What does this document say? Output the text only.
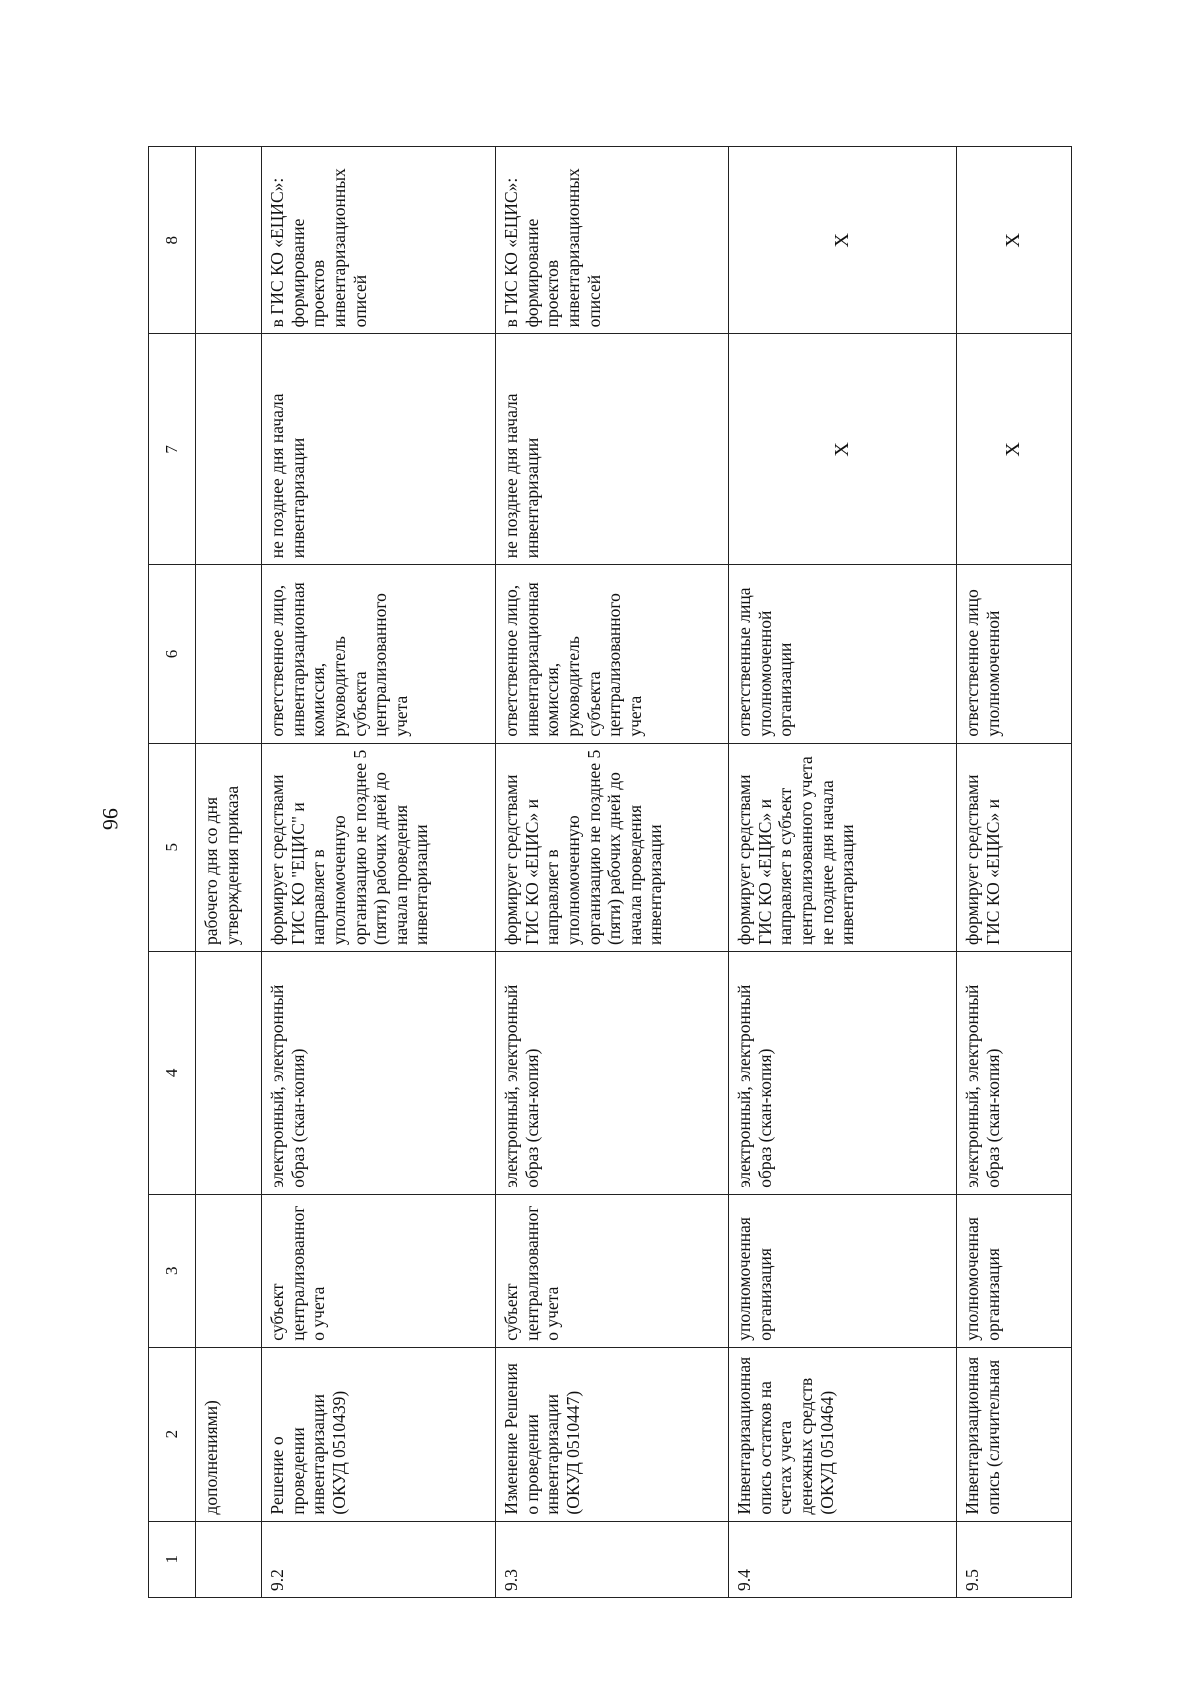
96
1	2	3	4	5	6	7	8
	дополнениями)			рабочего дня со дня утверждения приказа			
9.2	Решение о проведении инвентаризации (ОКУД 0510439)	субъект централизованного учета	электронный, электронный образ (скан-копия)	формирует средствами ГИС КО "ЕЦИС" и направляет в уполномоченную организацию не позднее 5 (пяти) рабочих дней до начала проведения инвентаризации	ответственное лицо, инвентаризационная комиссия, руководитель субъекта централизованного учета	не позднее дня начала инвентаризации	в ГИС КО «ЕЦИС»: формирование проектов инвентаризационных описей
9.3	Изменение Решения о проведении инвентаризации (ОКУД 0510447)	субъект централизованного учета	электронный, электронный образ (скан-копия)	формирует средствами ГИС КО «ЕЦИС» и направляет в уполномоченную организацию не позднее 5 (пяти) рабочих дней до начала проведения инвентаризации	ответственное лицо, инвентаризационная комиссия, руководитель субъекта централизованного учета	не позднее дня начала инвентаризации	в ГИС КО «ЕЦИС»: формирование проектов инвентаризационных описей
9.4	Инвентаризационная опись остатков на счетах учета денежных средств (ОКУД 0510464)	уполномоченная организация	электронный, электронный образ (скан-копия)	формирует средствами ГИС КО «ЕЦИС» и направляет в субъект централизованного учета не позднее дня начала инвентаризации	ответственные лица уполномоченной организации	Х	Х
9.5	Инвентаризационная опись (сличительная	уполномоченная организация	электронный, электронный образ (скан-копия)	формирует средствами ГИС КО «ЕЦИС» и	ответственное лицо уполномоченной	Х	Х
